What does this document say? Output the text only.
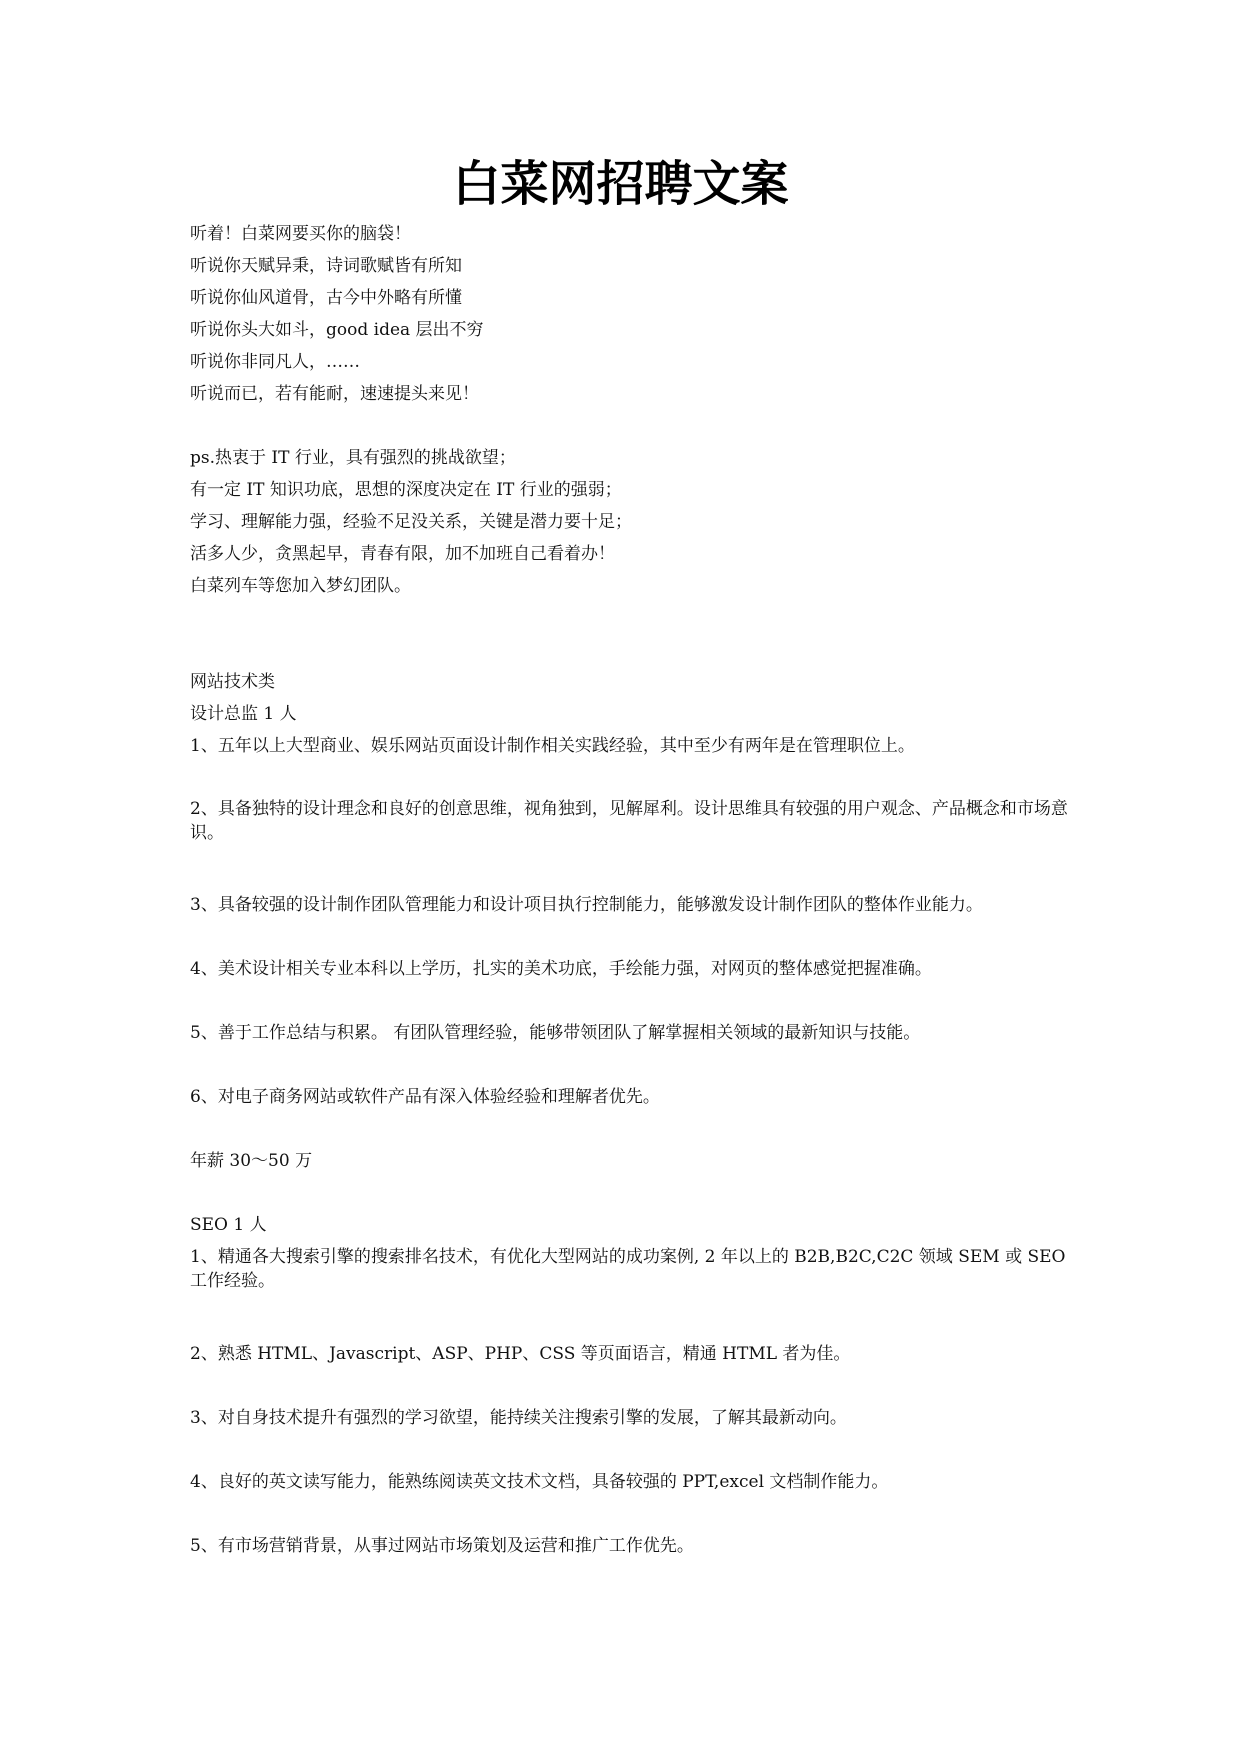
白菜网招聘文案

听着！白菜网要买你的脑袋！

听说你天赋异秉，诗词歌赋皆有所知

听说你仙风道骨，古今中外略有所懂

听说你头大如斗，good idea 层出不穷

听说你非同凡人，……

听说而已，若有能耐，速速提头来见！

ps.热衷于 IT 行业，具有强烈的挑战欲望；

有一定 IT 知识功底，思想的深度决定在 IT 行业的强弱；

学习、理解能力强，经验不足没关系，关键是潜力要十足；

活多人少，贪黑起早，青春有限，加不加班自己看着办！

白菜列车等您加入梦幻团队。

网站技术类

设计总监 1 人

1、五年以上大型商业、娱乐网站页面设计制作相关实践经验，其中至少有两年是在管理职位上。

2、具备独特的设计理念和良好的创意思维，视角独到，见解犀利。设计思维具有较强的用户观念、产品概念和市场意识。

3、具备较强的设计制作团队管理能力和设计项目执行控制能力，能够激发设计制作团队的整体作业能力。

4、美术设计相关专业本科以上学历，扎实的美术功底，手绘能力强，对网页的整体感觉把握准确。

5、善于工作总结与积累。 有团队管理经验，能够带领团队了解掌握相关领域的最新知识与技能。

6、对电子商务网站或软件产品有深入体验经验和理解者优先。

年薪 30～50 万

SEO 1 人

1、精通各大搜索引擎的搜索排名技术，有优化大型网站的成功案例, 2 年以上的 B2B,B2C,C2C 领域 SEM 或 SEO 工作经验。

2、熟悉 HTML、Javascript、ASP、PHP、CSS 等页面语言，精通 HTML 者为佳。

3、对自身技术提升有强烈的学习欲望，能持续关注搜索引擎的发展，了解其最新动向。

4、良好的英文读写能力，能熟练阅读英文技术文档，具备较强的 PPT,excel 文档制作能力。

5、有市场营销背景，从事过网站市场策划及运营和推广工作优先。
